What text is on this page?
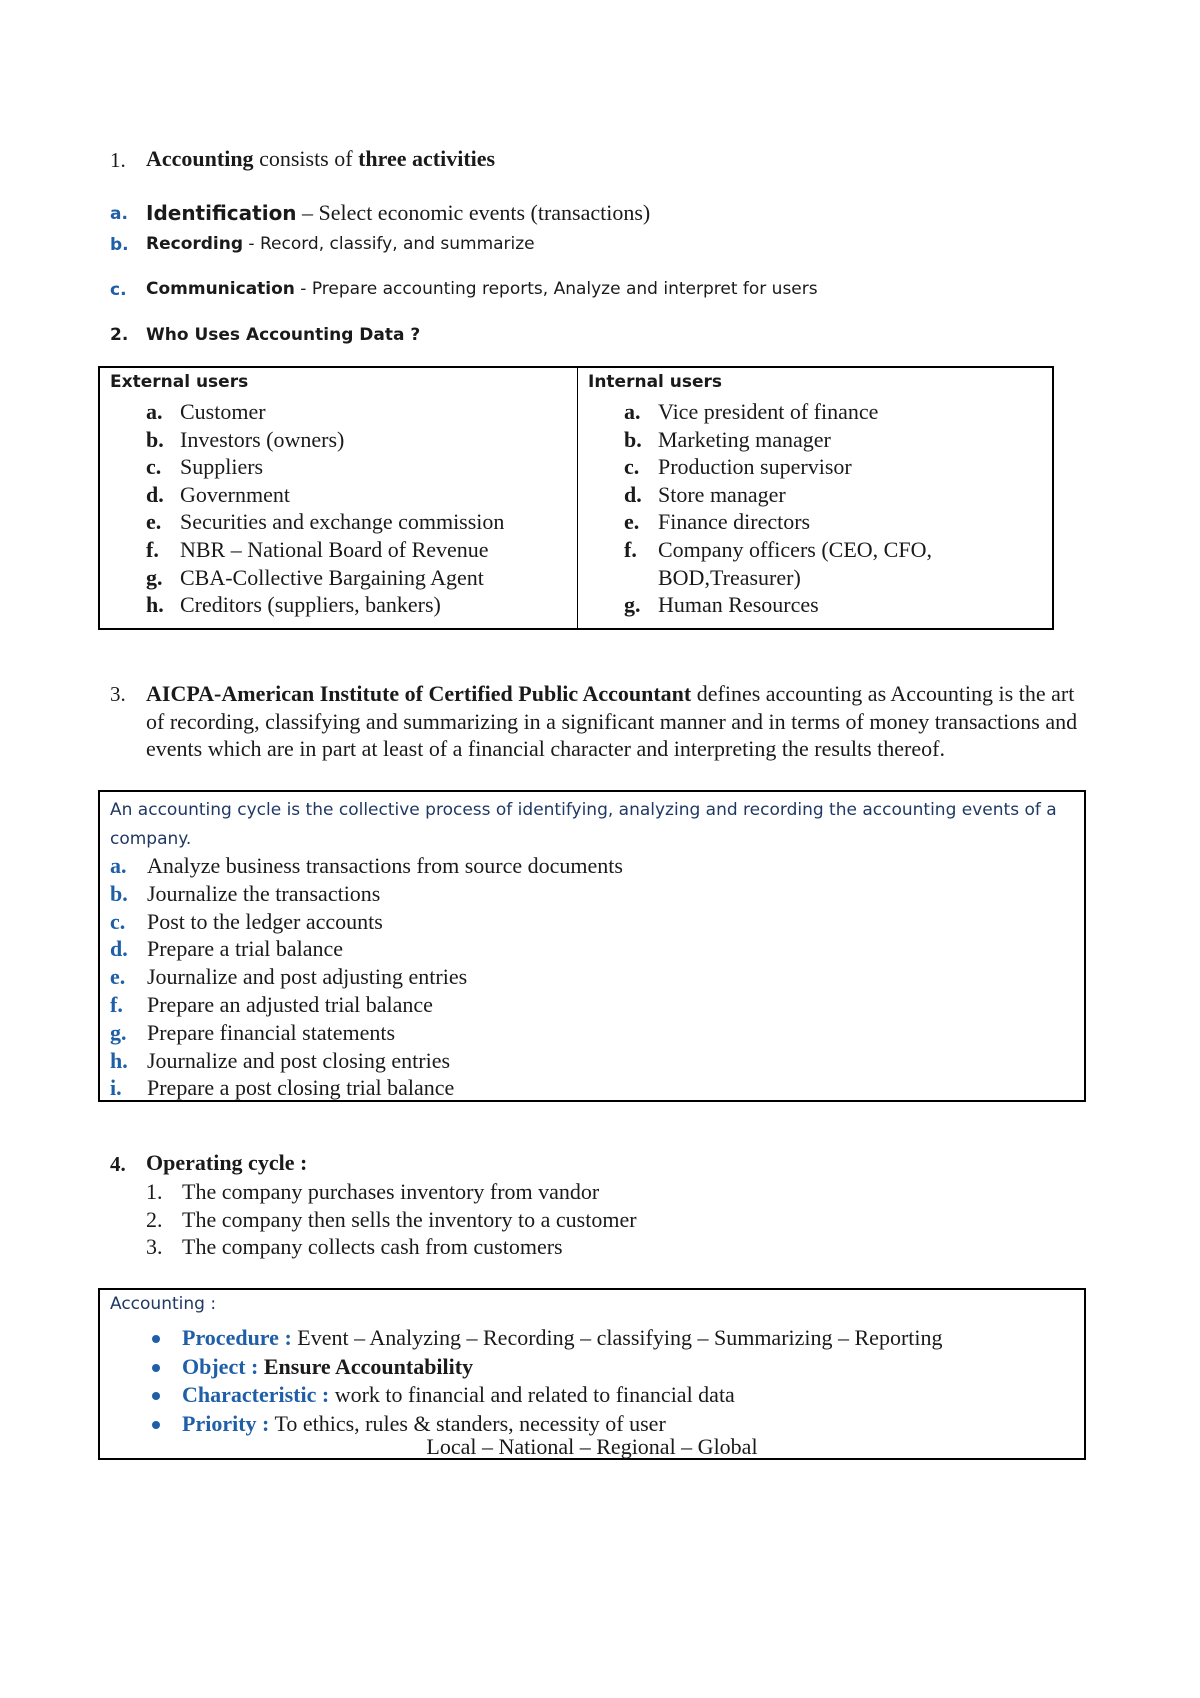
1. Accounting consists of three activities
a. Identification – Select economic events (transactions)
b. Recording - Record, classify, and summarize
c. Communication - Prepare accounting reports, Analyze and interpret for users
2. Who Uses Accounting Data ?
External users
a. Customer
b. Investors (owners)
c. Suppliers
d. Government
e. Securities and exchange commission
f. NBR – National Board of Revenue
g. CBA-Collective Bargaining Agent
h. Creditors (suppliers, bankers)
Internal users
a. Vice president of finance
b. Marketing manager
c. Production supervisor
d. Store manager
e. Finance directors
f. Company officers (CEO, CFO,
BOD,Treasurer)
g. Human Resources
3. AICPA-American Institute of Certified Public Accountant defines accounting as Accounting is the art of recording, classifying and summarizing in a significant manner and in terms of money transactions and events which are in part at least of a financial character and interpreting the results thereof.
An accounting cycle is the collective process of identifying, analyzing and recording the accounting events of a company.
a. Analyze business transactions from source documents
b. Journalize the transactions
c. Post to the ledger accounts
d. Prepare a trial balance
e. Journalize and post adjusting entries
f. Prepare an adjusted trial balance
g. Prepare financial statements
h. Journalize and post closing entries
i. Prepare a post closing trial balance
4. Operating cycle :
1. The company purchases inventory from vandor
2. The company then sells the inventory to a customer
3. The company collects cash from customers
Accounting :
Procedure : Event – Analyzing – Recording – classifying – Summarizing – Reporting
Object : Ensure Accountability
Characteristic : work to financial and related to financial data
Priority : To ethics, rules & standers, necessity of user
Local – National – Regional – Global
